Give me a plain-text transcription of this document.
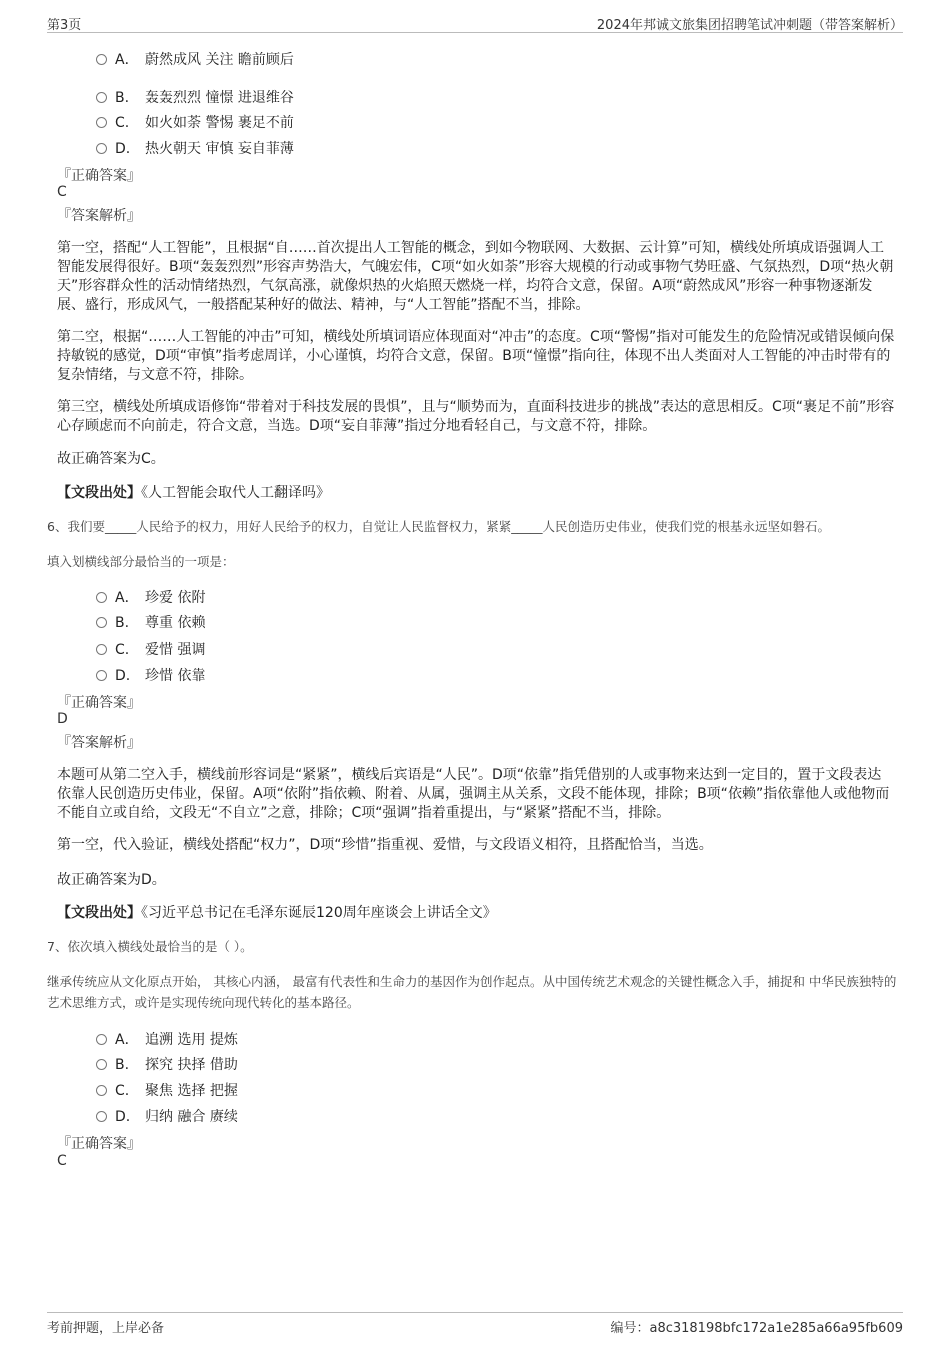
第3页	2024年邦诚文旅集团招聘笔试冲刺题（带答案解析）
A． 蔚然成风 关注 瞻前顾后
B. 轰轰烈烈 憧憬 进退维谷
C. 如火如荼 警惕 裹足不前
D. 热火朝天 审慎 妄自菲薄
『正确答案』
C
『答案解析』
第一空，搭配“人工智能”，且根据“自……首次提出人工智能的概念，到如今物联网、大数据、云计算”可知，横线处所填成语强调人工智能发展得很好。B项“轰轰烈烈”形容声势浩大，气魄宏伟，C项“如火如荼”形容大规模的行动或事物气势旺盛、气氛热烈，D项“热火朝天”形容群众性的活动情绪热烈，气氛高涨，就像炽热的火焰照天燃烧一样，均符合文意，保留。A项“蔚然成风”形容一种事物逐渐发展、盛行，形成风气，一般搭配某种好的做法、精神，与“人工智能”搭配不当，排除。
第二空，根据“……人工智能的冲击”可知，横线处所填词语应体现面对“冲击”的态度。C项“警惕”指对可能发生的危险情况或错误倾向保持敏锐的感觉，D项“审慎”指考虑周详，小心谨慎，均符合文意，保留。B项“憧憬”指向往，体现不出人类面对人工智能的冲击时带有的复杂情绪，与文意不符，排除。
第三空，横线处所填成语修饰“带着对于科技发展的畏惧”，且与“顺势而为，直面科技进步的挑战”表达的意思相反。C项“裹足不前”形容心存顾虑而不向前走，符合文意，当选。D项“妄自菲薄”指过分地看轻自己，与文意不符，排除。
故正确答案为C。
【文段出处】《人工智能会取代人工翻译吗》
6、我们要_____人民给予的权力，用好人民给予的权力，自觉让人民监督权力，紧紧_____人民创造历史伟业，使我们党的根基永远坚如磐石。
填入划横线部分最恰当的一项是：
A． 珍爱 依附
B. 尊重 依赖
C. 爱惜 强调
D. 珍惜 依靠
『正确答案』
D
『答案解析』
本题可从第二空入手，横线前形容词是“紧紧”，横线后宾语是“人民”。D项“依靠”指凭借别的人或事物来达到一定目的，置于文段表达依靠人民创造历史伟业，保留。A项“依附”指依赖、附着、从属，强调主从关系，文段不能体现，排除；B项“依赖”指依靠他人或他物而不能自立或自给，文段无“不自立”之意，排除；C项“强调”指着重提出，与“紧紧”搭配不当，排除。
第一空，代入验证，横线处搭配“权力”，D项“珍惜”指重视、爱惜，与文段语义相符，且搭配恰当，当选。
故正确答案为D。
【文段出处】《习近平总书记在毛泽东诞辰120周年座谈会上讲话全文》
7、依次填入横线处最恰当的是（ ）。
继承传统应从文化原点开始， 其核心内涵， 最富有代表性和生命力的基因作为创作起点。从中国传统艺术观念的关键性概念入手，捕捉和 中华民族独特的艺术思维方式，或许是实现传统向现代转化的基本路径。
A． 追溯 选用 提炼
B. 探究 抉择 借助
C. 聚焦 选择 把握
D. 归纳 融合 赓续
『正确答案』
C
考前押题，上岸必备	编号：a8c318198bfc172a1e285a66a95fb609
